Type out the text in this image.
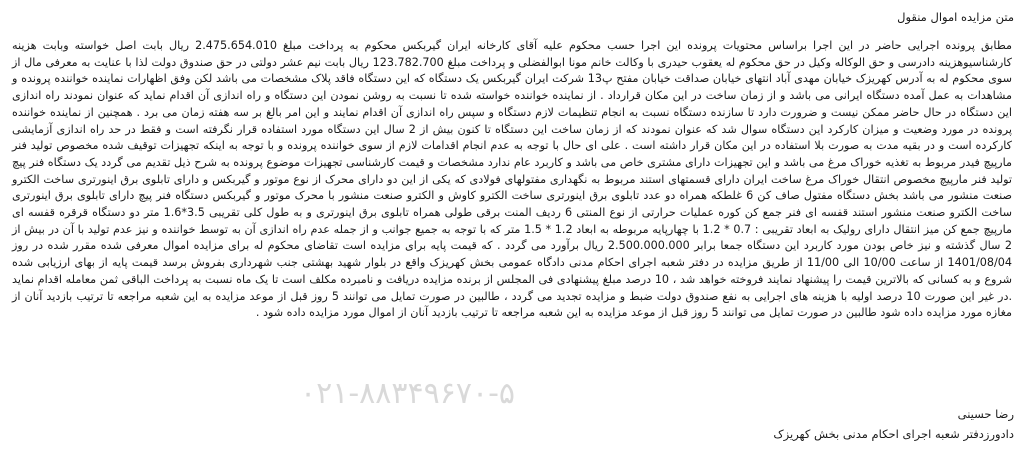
متن مزایده اموال منقول

مطابق پرونده اجرایی حاضر در این اجرا براساس محتویات پرونده این اجرا حسب محکوم علیه آقای کارخانه ایران گیربکس محکوم به پرداخت مبلغ 2.475.654.010 ریال بابت اصل خواسته وبابت هزینه کارشناسیوهزینه دادرسی و حق الوکاله وکیل در حق محکوم له یعقوب حیدری با وکالت خانم مونا ابوالفضلی و پرداخت مبلغ 123.782.700 ریال بابت نیم عشر دولتی در حق صندوق دولت لذا با عنایت به معرفی مال از سوی محکوم له به آدرس کهریزک خیابان مهدی آباد انتهای خیابان صداقت خیابان مفتح پ13 شرکت ایران گیربکس یک دستگاه که این دستگاه فاقد پلاک مشخصات می باشد لکن وفق اظهارات نماینده خواننده پرونده و مشاهدات به عمل آمده دستگاه ایرانی می باشد و از زمان ساخت در این مکان قرارداد . از نماینده خواننده خواسته شده تا نسبت به روشن نمودن این دستگاه و راه اندازی آن اقدام نماید که عنوان نمودند راه اندازی این دستگاه در حال حاضر ممکن نیست و ضرورت دارد تا سازنده دستگاه نسبت به انجام تنظیمات لازم دستگاه و سپس راه اندازی آن اقدام نمایند و این امر بالغ بر سه هفته زمان می برد . همچنین از نماینده خواننده پرونده در مورد وضعیت و میزان کارکرد این دستگاه سوال شد که عنوان نمودند که از زمان ساخت این دستگاه تا کنون بیش از 2 سال این دستگاه مورد استفاده قرار نگرفته است و فقط در حد راه اندازی آزمایشی کارکرده است و در بقیه مدت به صورت بلا استفاده در این مکان قرار داشته است . علی ای حال با توجه به عدم انجام اقدامات لازم از سوی خواننده پرونده و با توجه به اینکه تجهیزات توقیف شده مخصوص تولید فنر مارپیچ فیدر مربوط به تغذیه خوراک مرغ می باشد و این تجهیزات دارای مشتری خاص می باشد و کاربرد عام ندارد مشخصات و قیمت کارشناسی تجهیزات موضوع پرونده به شرح ذیل تقدیم می گردد یک دستگاه فنر پیچ تولید فنر مارپیچ مخصوص انتقال خوراک مرغ ساخت ایران دارای قسمتهای استند مربوط به نگهداری مفتولهای فولادی که یکی از این دو دارای محرک از نوع موتور و گیربکس و دارای تابلوی برق اینورتری ساخت الکترو صنعت منشور می باشد بخش دستگاه مفتول صاف کن 6 غلطکه همراه دو عدد تابلوی برق اینورتری ساخت الکترو کاوش و الکترو صنعت منشور با محرک موتور و گیربکس دستگاه فنر پیچ دارای تابلوی برق اینورتری ساخت الکترو صنعت منشور استند قفسه ای فنر جمع کن کوره عملیات حرارتی از نوع المنتی 6 ردیف المنت برقی طولی همراه تابلوی برق اینورتری و به طول کلی تقریبی 3.5*1.6 متر دو دستگاه قرقره قفسه ای مارپیچ جمع کن میز انتقال دارای رولیک به ابعاد تقریبی : 0.7 * 1.2 با چهارپایه مربوطه به ابعاد 1.2 * 1.5 متر که با توجه به جمیع جوانب و از جمله عدم راه اندازی آن به توسط خواننده و نیز عدم تولید با آن در بیش از 2 سال گذشته و نیز خاص بودن مورد کاربرد این دستگاه جمعا برابر 2.500.000.000 ریال برآورد می گردد . که قیمت پایه برای مزایده است تقاضای محکوم له برای مزایده اموال معرفی شده مقرر شده در روز 1401/08/04 از ساعت 10/00 الی 11/00 از طریق مزایده در دفتر شعبه اجرای احکام مدنی دادگاه عمومی بخش کهریزک واقع در بلوار شهید بهشتی جنب شهرداری بفروش برسد قیمت پایه از بهای ارزیابی شده شروع و به کسانی که بالاترین قیمت را پیشنهاد نمایند فروخته خواهد شد ، 10 درصد مبلغ پیشنهادی فی المجلس از برنده مزایده دریافت و نامبرده مکلف است تا یک ماه نسبت به پرداخت الباقی ثمن معامله اقدام نماید .در غیر این صورت 10 درصد اولیه با هزینه های اجرایی به نفع صندوق دولت ضبط و مزایده تجدید می گردد ، طالبین در صورت تمایل می توانند 5 روز قبل از موعد مزایده به این شعبه مراجعه تا ترتیب بازدید آنان از مغازه مورد مزایده داده شود طالبین در صورت تمایل می توانند 5 روز قبل از موعد مزایده به این شعبه مراجعه تا ترتیب بازدید آنان از اموال مورد مزایده داده شود .

۰۲۱-۸۸۳۴۹۶۷۰-۵
رضا حسینی
دادورزدفتر شعبه اجرای احکام مدنی بخش کهریزک
